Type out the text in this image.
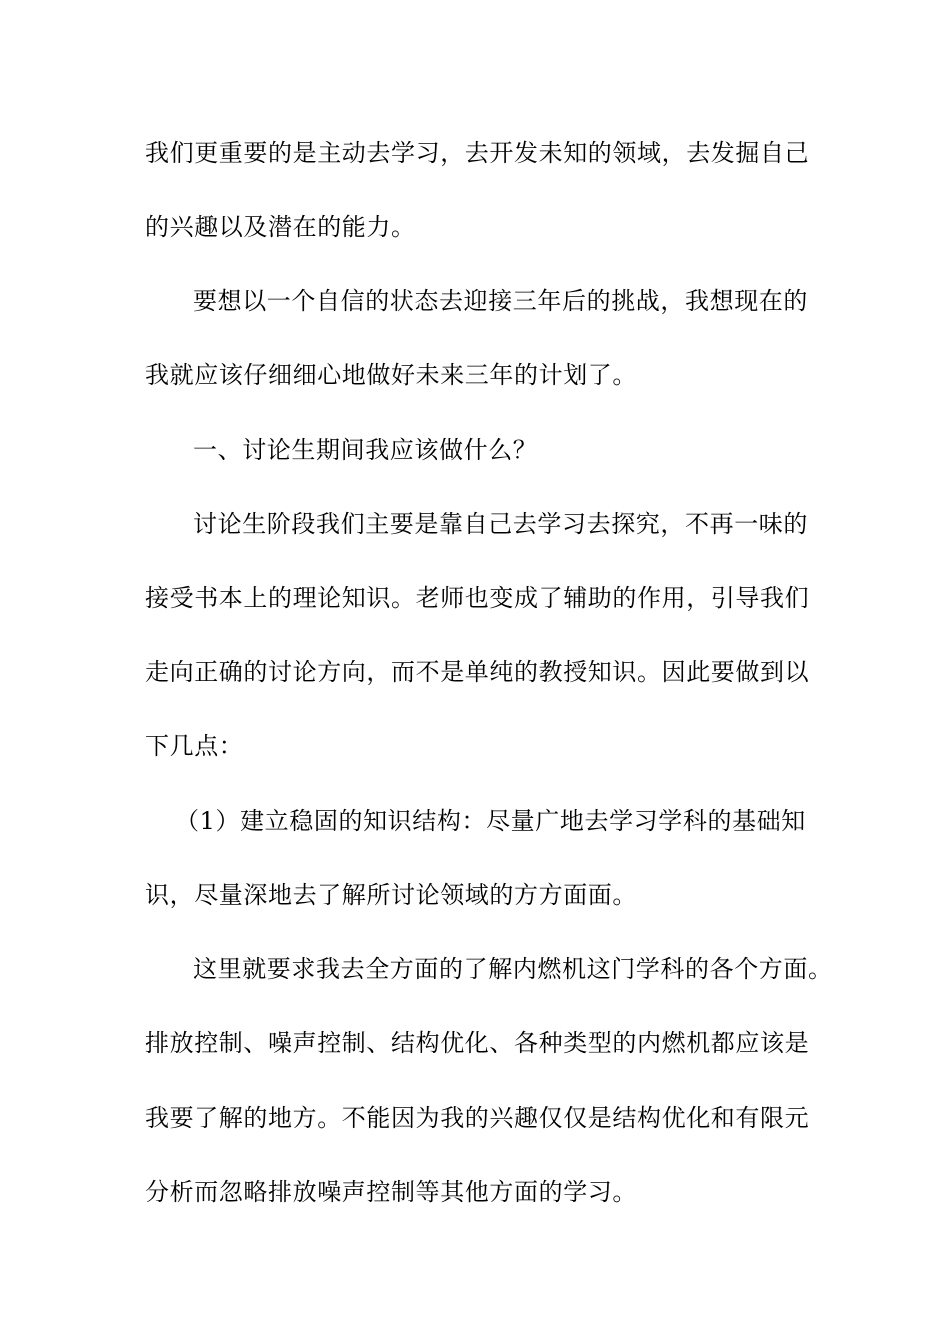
我们更重要的是主动去学习，去开发未知的领域，去发掘自己
的兴趣以及潜在的能力。
要想以一个自信的状态去迎接三年后的挑战，我想现在的
我就应该仔细细心地做好未来三年的计划了。
一、讨论生期间我应该做什么？
讨论生阶段我们主要是靠自己去学习去探究，不再一味的
接受书本上的理论知识。老师也变成了辅助的作用，引导我们
走向正确的讨论方向，而不是单纯的教授知识。因此要做到以
下几点：
（1）建立稳固的知识结构：尽量广地去学习学科的基础知
识，尽量深地去了解所讨论领域的方方面面。
这里就要求我去全方面的了解内燃机这门学科的各个方面。
排放控制、噪声控制、结构优化、各种类型的内燃机都应该是
我要了解的地方。不能因为我的兴趣仅仅是结构优化和有限元
分析而忽略排放噪声控制等其他方面的学习。
